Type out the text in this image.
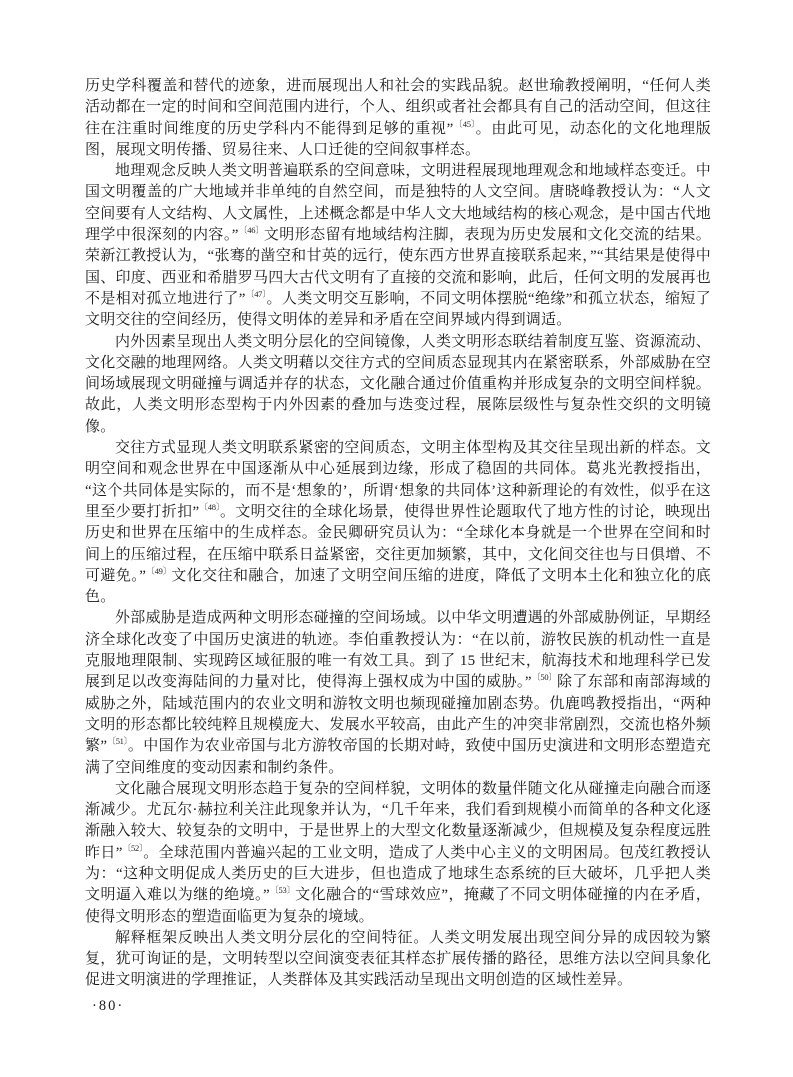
历史学科覆盖和替代的迹象，进而展现出人和社会的实践品貌。赵世瑜教授阐明，“任何人类活动都在一定的时间和空间范围内进行，个人、组织或者社会都具有自己的活动空间，但这往往在注重时间维度的历史学科内不能得到足够的重视”$^{〔45〕}$。由此可见，动态化的文化地理版图，展现文明传播、贸易往来、人口迁徙的空间叙事样态。

地理观念反映人类文明普遍联系的空间意味，文明进程展现地理观念和地域样态变迁。中国文明覆盖的广大地域并非单纯的自然空间，而是独特的人文空间。唐晓峰教授认为：“人文空间要有人文结构、人文属性，上述概念都是中华人文大地域结构的核心观念，是中国古代地理学中很深刻的内容。”$^{〔46〕}$文明形态留有地域结构注脚，表现为历史发展和文化交流的结果。荣新江教授认为，“张骞的凿空和甘英的远行，使东西方世界直接联系起来，”“其结果是使得中国、印度、西亚和希腊罗马四大古代文明有了直接的交流和影响，此后，任何文明的发展再也不是相对孤立地进行了”$^{〔47〕}$。人类文明交互影响，不同文明体摆脱“绝缘”和孤立状态，缩短了文明交往的空间经历，使得文明体的差异和矛盾在空间界域内得到调适。

内外因素呈现出人类文明分层化的空间镜像，人类文明形态联结着制度互鉴、资源流动、文化交融的地理网络。人类文明藉以交往方式的空间质态显现其内在紧密联系，外部威胁在空间场域展现文明碰撞与调适并存的状态，文化融合通过价值重构并形成复杂的文明空间样貌。故此，人类文明形态型构于内外因素的叠加与迭变过程，展陈层级性与复杂性交织的文明镜像。

交往方式显现人类文明联系紧密的空间质态，文明主体型构及其交往呈现出新的样态。文明空间和观念世界在中国逐渐从中心延展到边缘，形成了稳固的共同体。葛兆光教授指出，“这个共同体是实际的，而不是‘想象的’，所谓‘想象的共同体’这种新理论的有效性，似乎在这里至少要打折扣”$^{〔48〕}$。文明交往的全球化场景，使得世界性论题取代了地方性的讨论，映现出历史和世界在压缩中的生成样态。金民卿研究员认为：“全球化本身就是一个世界在空间和时间上的压缩过程，在压缩中联系日益紧密，交往更加频繁，其中，文化间交往也与日俱增、不可避免。”$^{〔49〕}$文化交往和融合，加速了文明空间压缩的进度，降低了文明本土化和独立化的底色。

外部威胁是造成两种文明形态碰撞的空间场域。以中华文明遭遇的外部威胁例证，早期经济全球化改变了中国历史演进的轨迹。李伯重教授认为：“在以前，游牧民族的机动性一直是克服地理限制、实现跨区域征服的唯一有效工具。到了 15 世纪末，航海技术和地理科学已发展到足以改变海陆间的力量对比，使得海上强权成为中国的威胁。”$^{〔50〕}$除了东部和南部海域的威胁之外，陆域范围内的农业文明和游牧文明也频现碰撞加剧态势。仇鹿鸣教授指出，“两种文明的形态都比较纯粹且规模庞大、发展水平较高，由此产生的冲突非常剧烈，交流也格外频繁”$^{〔51〕}$。中国作为农业帝国与北方游牧帝国的长期对峙，致使中国历史演进和文明形态塑造充满了空间维度的变动因素和制约条件。

文化融合展现文明形态趋于复杂的空间样貌，文明体的数量伴随文化从碰撞走向融合而逐渐减少。尤瓦尔·赫拉利关注此现象并认为，“几千年来，我们看到规模小而简单的各种文化逐渐融入较大、较复杂的文明中，于是世界上的大型文化数量逐渐减少，但规模及复杂程度远胜昨日”$^{〔52〕}$。全球范围内普遍兴起的工业文明，造成了人类中心主义的文明困局。包茂红教授认为：“这种文明促成人类历史的巨大进步，但也造成了地球生态系统的巨大破坏，几乎把人类文明逼入难以为继的绝境。”$^{〔53〕}$文化融合的“雪球效应”，掩藏了不同文明体碰撞的内在矛盾，使得文明形态的塑造面临更为复杂的境域。

解释框架反映出人类文明分层化的空间特征。人类文明发展出现空间分异的成因较为繁复，犹可询证的是，文明转型以空间演变表征其样态扩展传播的路径，思维方法以空间具象化促进文明演进的学理推证，人类群体及其实践活动呈现出文明创造的区域性差异。

·80·
